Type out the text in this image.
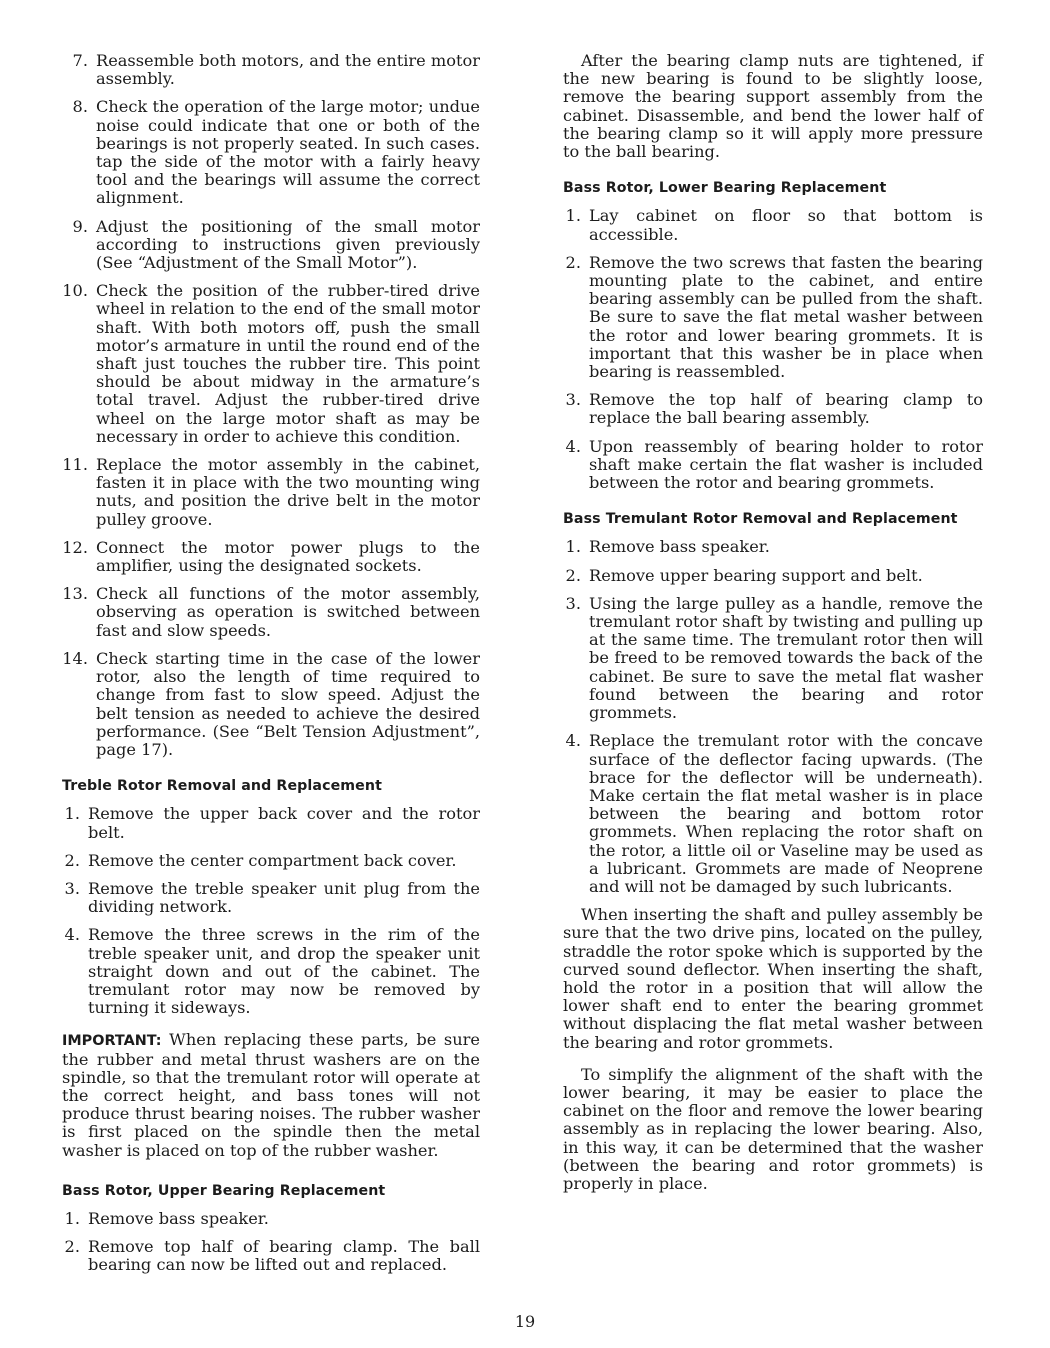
7. Reassemble both motors, and the entire motor assembly.
8. Check the operation of the large motor; undue noise could indicate that one or both of the bearings is not properly seated. In such cases. tap the side of the motor with a fairly heavy tool and the bearings will assume the correct alignment.
9. Adjust the positioning of the small motor according to instructions given previously (See “Adjustment of the Small Motor”).
10. Check the position of the rubber-tired drive wheel in relation to the end of the small motor shaft. With both motors off, push the small motor’s armature in until the round end of the shaft just touches the rubber tire. This point should be about midway in the armature’s total travel. Adjust the rubber-tired drive wheel on the large motor shaft as may be necessary in order to achieve this condition.
11. Replace the motor assembly in the cabinet, fasten it in place with the two mounting wing nuts, and position the drive belt in the motor pulley groove.
12. Connect the motor power plugs to the amplifier, using the designated sockets.
13. Check all functions of the motor assembly, observing as operation is switched between fast and slow speeds.
14. Check starting time in the case of the lower rotor, also the length of time required to change from fast to slow speed. Adjust the belt tension as needed to achieve the desired performance. (See “Belt Tension Adjustment”, page 17).
Treble Rotor Removal and Replacement
1. Remove the upper back cover and the rotor belt.
2. Remove the center compartment back cover.
3. Remove the treble speaker unit plug from the dividing network.
4. Remove the three screws in the rim of the treble speaker unit, and drop the speaker unit straight down and out of the cabinet. The tremulant rotor may now be removed by turning it sideways.

IMPORTANT: When replacing these parts, be sure the rubber and metal thrust washers are on the spindle, so that the tremulant rotor will operate at the correct height, and bass tones will not produce thrust bearing noises. The rubber washer is first placed on the spindle then the metal washer is placed on top of the rubber washer.

Bass Rotor, Upper Bearing Replacement
1. Remove bass speaker.
2. Remove top half of bearing clamp. The ball bearing can now be lifted out and replaced.

After the bearing clamp nuts are tightened, if the new bearing is found to be slightly loose, remove the bearing support assembly from the cabinet. Disassemble, and bend the lower half of the bearing clamp so it will apply more pressure to the ball bearing.

Bass Rotor, Lower Bearing Replacement
1. Lay cabinet on floor so that bottom is accessible.
2. Remove the two screws that fasten the bearing mounting plate to the cabinet, and entire bearing assembly can be pulled from the shaft. Be sure to save the flat metal washer between the rotor and lower bearing grommets. It is important that this washer be in place when bearing is reassembled.
3. Remove the top half of bearing clamp to replace the ball bearing assembly.
4. Upon reassembly of bearing holder to rotor shaft make certain the flat washer is included between the rotor and bearing grommets.
Bass Tremulant Rotor Removal and Replacement
1. Remove bass speaker.
2. Remove upper bearing support and belt.
3. Using the large pulley as a handle, remove the tremulant rotor shaft by twisting and pulling up at the same time. The tremulant rotor then will be freed to be removed towards the back of the cabinet. Be sure to save the metal flat washer found between the bearing and rotor grommets.
4. Replace the tremulant rotor with the concave surface of the deflector facing upwards. (The brace for the deflector will be underneath). Make certain the flat metal washer is in place between the bearing and bottom rotor grommets. When replacing the rotor shaft on the rotor, a little oil or Vaseline may be used as a lubricant. Grommets are made of Neoprene and will not be damaged by such lubricants.

When inserting the shaft and pulley assembly be sure that the two drive pins, located on the pulley, straddle the rotor spoke which is supported by the curved sound deflector. When inserting the shaft, hold the rotor in a position that will allow the lower shaft end to enter the bearing grommet without displacing the flat metal washer between the bearing and rotor grommets.

To simplify the alignment of the shaft with the lower bearing, it may be easier to place the cabinet on the floor and remove the lower bearing assembly as in replacing the lower bearing. Also, in this way, it can be determined that the washer (between the bearing and rotor grommets) is properly in place.

19
